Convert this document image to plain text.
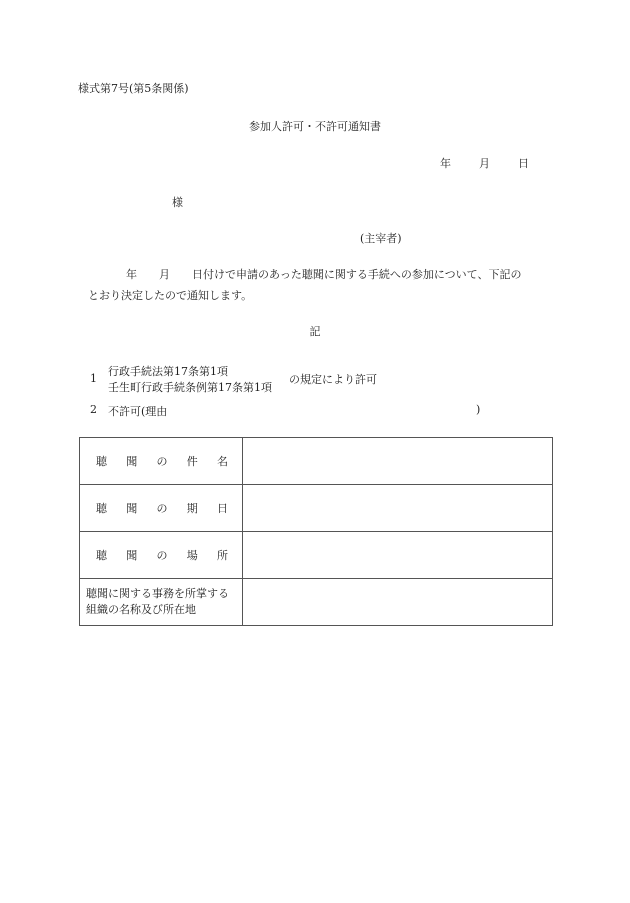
様式第7号(第5条関係)
参加人許可・不許可通知書
年	月	日
様
(主宰者)
年 月 日付けで申請のあった聴聞に関する手続への参加について、下記の
とおり決定したので通知します。
記
1
行政手続法第17条第1項
壬生町行政手続条例第17条第1項
の規定により許可
2 不許可(理由	)
聴 聞 の 件 名	

聴 聞 の 期 日	

聴 聞 の 場 所	

聴聞に関する事務を所掌する
組織の名称及び所在地	
